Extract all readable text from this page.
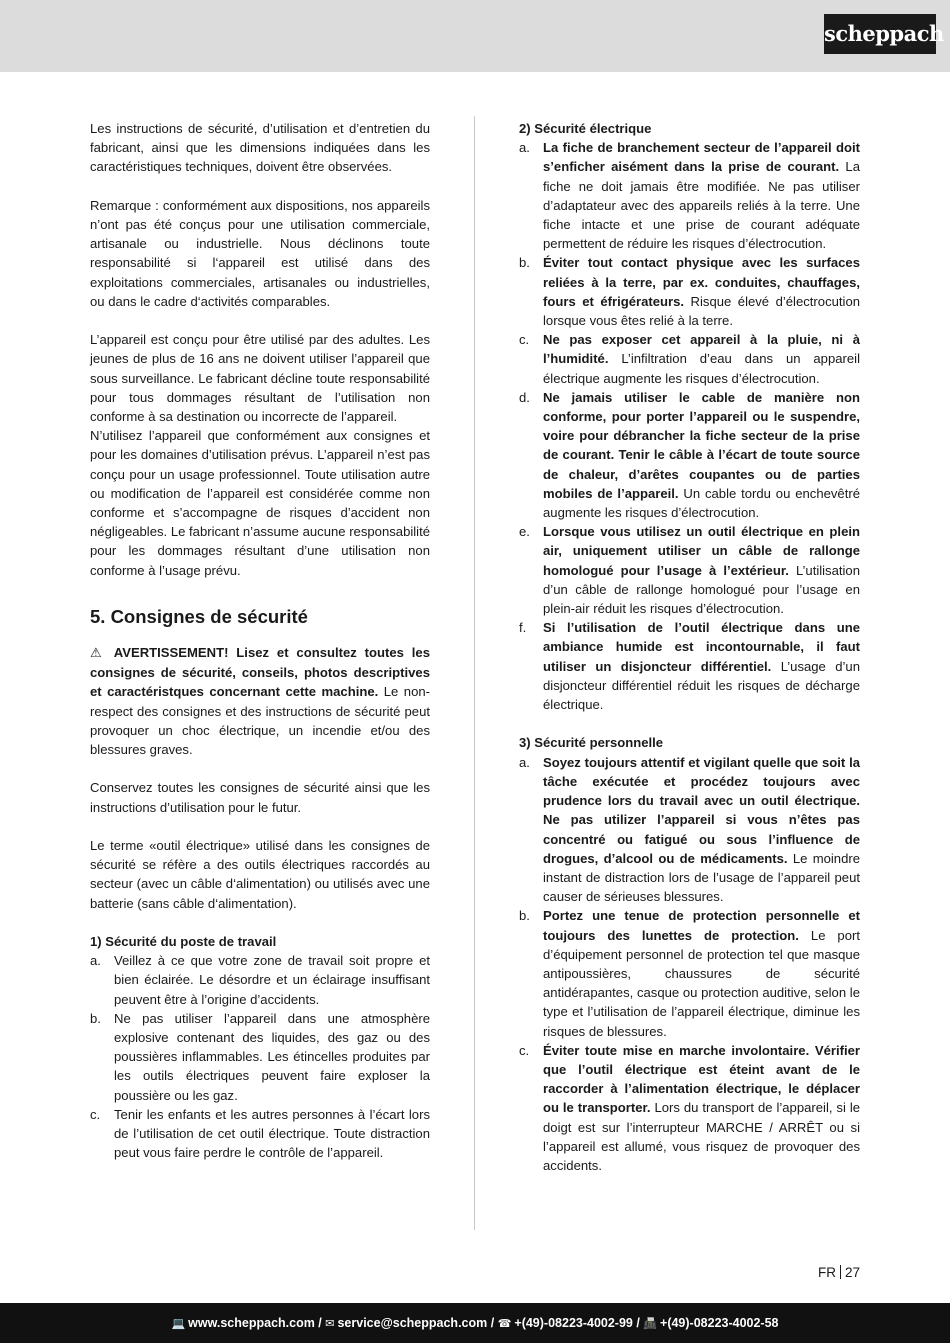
scheppach

Les instructions de sécurité, d’utilisation et d’entretien du fabricant, ainsi que les dimensions indiquées dans les caractéristiques techniques, doivent être observées.

Remarque : conformément aux dispositions, nos appareils n’ont pas été conçus pour une utilisation commerciale, artisanale ou industrielle. Nous déclinons toute responsabilité si l‘appareil est utilisé dans des exploitations commerciales, artisanales ou industrielles, ou dans le cadre d‘activités comparables.

L’appareil est conçu pour être utilisé par des adultes. Les jeunes de plus de 16 ans ne doivent utiliser l’appareil que sous surveillance. Le fabricant décline toute responsabilité pour tous dommages résultant de l’utilisation non conforme à sa destination ou incorrecte de l’appareil.

N’utilisez l’appareil que conformément aux consignes et pour les domaines d’utilisation prévus. L’appareil n’est pas conçu pour un usage professionnel. Toute utilisation autre ou modification de l’appareil est considérée comme non conforme et s’accompagne de risques d’accident non négligeables. Le fabricant n’assume aucune responsabilité pour les dommages résultant d’une utilisation non conforme à l’usage prévu.

5. Consignes de sécurité

⚠ AVERTISSEMENT! Lisez et consultez toutes les consignes de sécurité, conseils, photos descriptives et caractéristques concernant cette machine. Le non-respect des consignes et des instructions de sécurité peut provoquer un choc électrique, un incendie et/ou des blessures graves.

Conservez toutes les consignes de sécurité ainsi que les instructions d’utilisation pour le futur.

Le terme «outil électrique» utilisé dans les consignes de sécurité se réfère a des outils électriques raccordés au secteur (avec un câble d‘alimentation) ou utilisés avec une batterie (sans câble d‘alimentation).

1) Sécurité du poste de travail
a. Veillez à ce que votre zone de travail soit propre et bien éclairée. Le désordre et un éclairage insuffisant peuvent être à l’origine d’accidents.
b. Ne pas utiliser l’appareil dans une atmosphère explosive contenant des liquides, des gaz ou des poussières inflammables. Les étincelles produites par les outils électriques peuvent faire exploser la poussière ou les gaz.
c. Tenir les enfants et les autres personnes à l’écart lors de l’utilisation de cet outil électrique. Toute distraction peut vous faire perdre le contrôle de l’appareil.
2) Sécurité électrique
a. La fiche de branchement secteur de l’appareil doit s’enficher aisément dans la prise de courant. La fiche ne doit jamais être modifiée. Ne pas utiliser d’adaptateur avec des appareils reliés à la terre. Une fiche intacte et une prise de courant adéquate permettent de réduire les risques d’électrocution.
b. Éviter tout contact physique avec les surfaces reliées à la terre, par ex. conduites, chauffages, fours et éfrigérateurs. Risque élevé d’électrocution lorsque vous êtes relié à la terre.
c. Ne pas exposer cet appareil à la pluie, ni à l’humidité. L’infiltration d’eau dans un appareil électrique augmente les risques d’électrocution.
d. Ne jamais utiliser le cable de manière non conforme, pour porter l’appareil ou le suspendre, voire pour débrancher la fiche secteur de la prise de courant. Tenir le câble à l’écart de toute source de chaleur, d’arêtes coupantes ou de parties mobiles de l’appareil. Un cable tordu ou enchevêtré augmente les risques d’électrocution.
e. Lorsque vous utilisez un outil électrique en plein air, uniquement utiliser un câble de rallonge homologué pour l’usage à l’extérieur. L’utilisation d’un câble de rallonge homologué pour l’usage en plein-air réduit les risques d’électrocution.
f. Si l’utilisation de l’outil électrique dans une ambiance humide est incontournable, il faut utiliser un disjoncteur différentiel. L’usage d’un disjoncteur différentiel réduit les risques de décharge électrique.
3) Sécurité personnelle
a. Soyez toujours attentif et vigilant quelle que soit la tâche exécutée et procédez toujours avec prudence lors du travail avec un outil électrique. Ne pas utilizer l’appareil si vous n’êtes pas concentré ou fatigué ou sous l’influence de drogues, d’alcool ou de médicaments. Le moindre instant de distraction lors de l’usage de l’appareil peut causer de sérieuses blessures.
b. Portez une tenue de protection personnelle et toujours des lunettes de protection. Le port d’équipement personnel de protection tel que masque antipoussières, chaussures de sécurité antidérapantes, casque ou protection auditive, selon le type et l’utilisation de l’appareil électrique, diminue les risques de blessures.
c. Éviter toute mise en marche involontaire. Vérifier que l’outil électrique est éteint avant de le raccorder à l’alimentation électrique, le déplacer ou le transporter. Lors du transport de l’appareil, si le doigt est sur l’interrupteur MARCHE / ARRÊT ou si l’appareil est allumé, vous risquez de provoquer des accidents.
FR 27
💻 www.scheppach.com / ✉ service@scheppach.com / ☎ +(49)-08223-4002-99 / 📠 +(49)-08223-4002-58
